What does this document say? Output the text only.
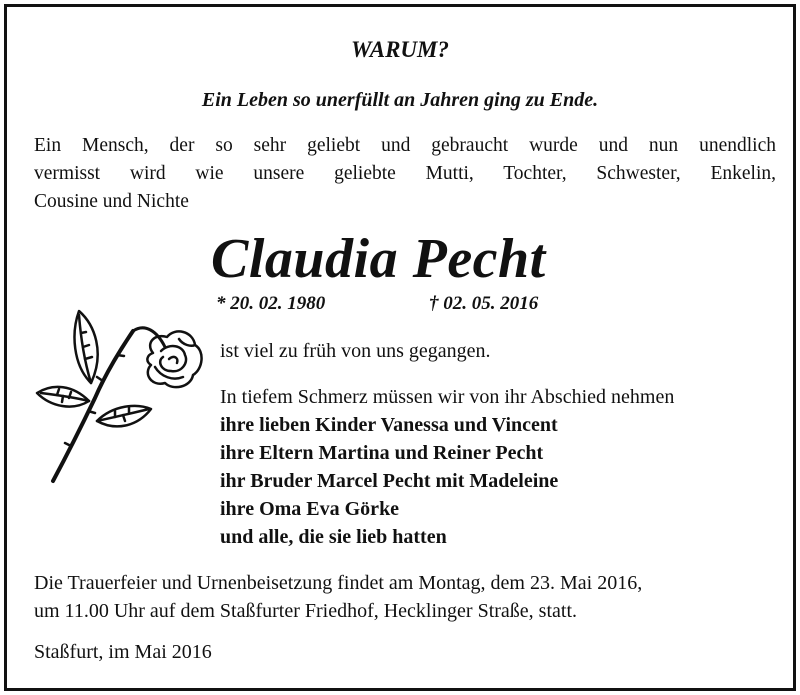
WARUM?
Ein Leben so unerfüllt an Jahren ging zu Ende.
Ein Mensch, der so sehr geliebt und gebraucht wurde und nun unendlich
vermisst wird wie unsere geliebte Mutti, Tochter, Schwester, Enkelin,
Cousine und Nichte
Claudia Pecht
* 20. 02. 1980	† 02. 05. 2016
ist viel zu früh von uns gegangen.
In tiefem Schmerz müssen wir von ihr Abschied nehmen
ihre lieben Kinder Vanessa und Vincent
ihre Eltern Martina und Reiner Pecht
ihr Bruder Marcel Pecht mit Madeleine
ihre Oma Eva Görke
und alle, die sie lieb hatten
Die Trauerfeier und Urnenbeisetzung findet am Montag, dem 23. Mai 2016,
um 11.00 Uhr auf dem Staßfurter Friedhof, Hecklinger Straße, statt.
Staßfurt, im Mai 2016
